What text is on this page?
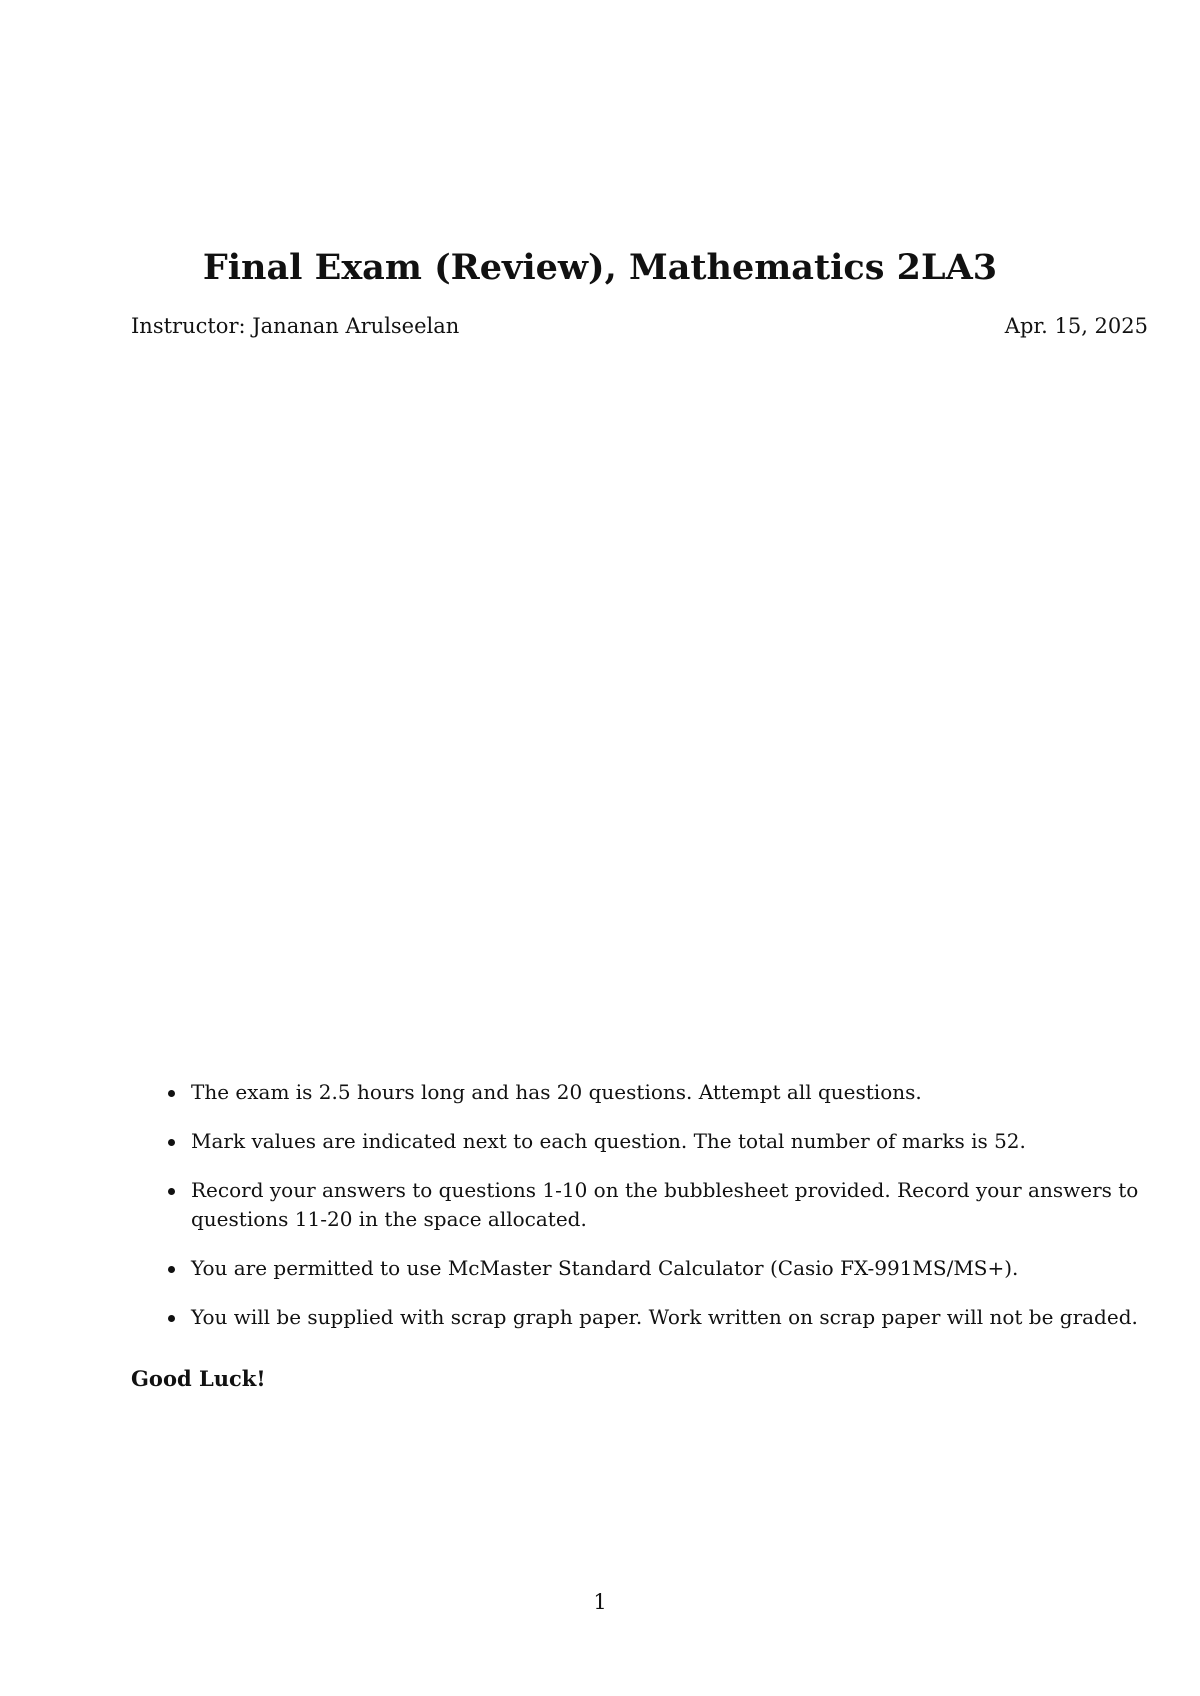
Final Exam (Review), Mathematics 2LA3
Instructor: Jananan Arulseelan	Apr. 15, 2025
The exam is 2.5 hours long and has 20 questions. Attempt all questions.
Mark values are indicated next to each question. The total number of marks is 52.
Record your answers to questions 1-10 on the bubblesheet provided. Record your answers to questions 11-20 in the space allocated.
You are permitted to use McMaster Standard Calculator (Casio FX-991MS/MS+).
You will be supplied with scrap graph paper. Work written on scrap paper will not be graded.
Good Luck!
1
